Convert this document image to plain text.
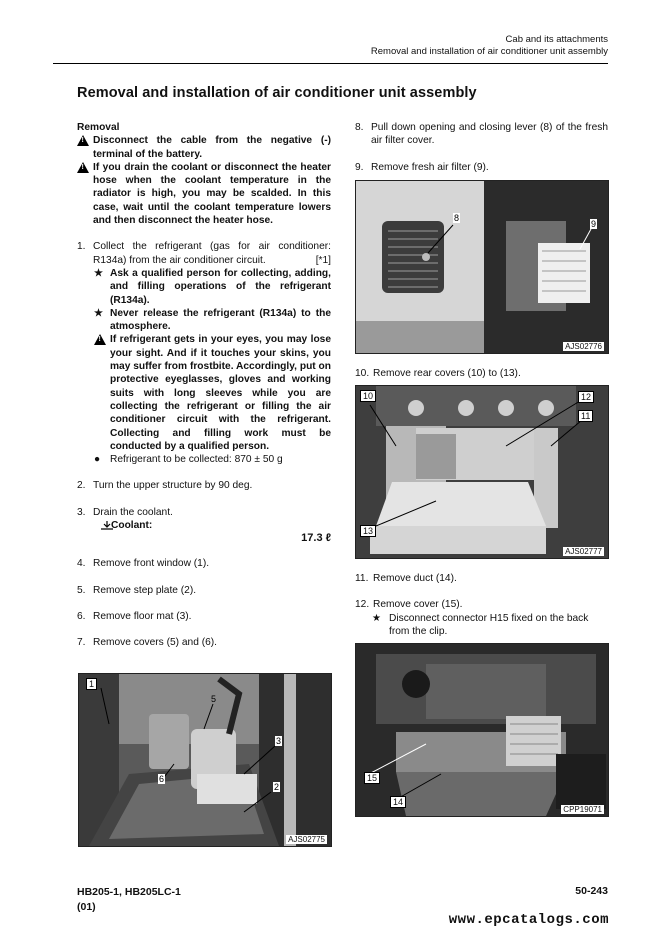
Cab and its attachments
Removal and installation of air conditioner unit assembly
Removal and installation of air conditioner unit assembly
Removal
!
Disconnect the cable from the negative (-) terminal of the battery.
!
If you drain the coolant or disconnect the heater hose when the coolant temperature in the radiator is high, you may be scalded. In this case, wait until the coolant temperature lowers and then disconnect the heater hose.
1. Collect the refrigerant (gas for air conditioner: R134a) from the air conditioner circuit.	[*1]
★ Ask a qualified person for collecting, adding, and filling operations of the refrigerant (R134a).
★ Never release the refrigerant (R134a) to the atmosphere.
!
If refrigerant gets in your eyes, you may lose your sight. And if it touches your skins, you may suffer from frostbite. Accordingly, put on protective eyeglasses, gloves and working suits with long sleeves while you are collecting the refrigerant or filling the air conditioner circuit with the refrigerant. Collecting and filling work must be conducted by a qualified person.
● Refrigerant to be collected: 870 ± 50 g
2. Turn the upper structure by 90 deg.
3. Drain the coolant.
Coolant:
17.3 ℓ
4. Remove front window (1).
5. Remove step plate (2).
6. Remove floor mat (3).
7. Remove covers (5) and (6).
1
5
3
6
2
AJS02775
8. Pull down opening and closing lever (8) of the fresh air filter cover.
9. Remove fresh air filter (9).
8
9
AJS02776
10. Remove rear covers (10) to (13).
10	12
11
13
AJS02777
11. Remove duct (14).
12. Remove cover (15).
★ Disconnect connector H15 fixed on the back from the clip.
15
14
CPP19071
HB205-1, HB205LC-1
(01)
50-243
www.epcatalogs.com
